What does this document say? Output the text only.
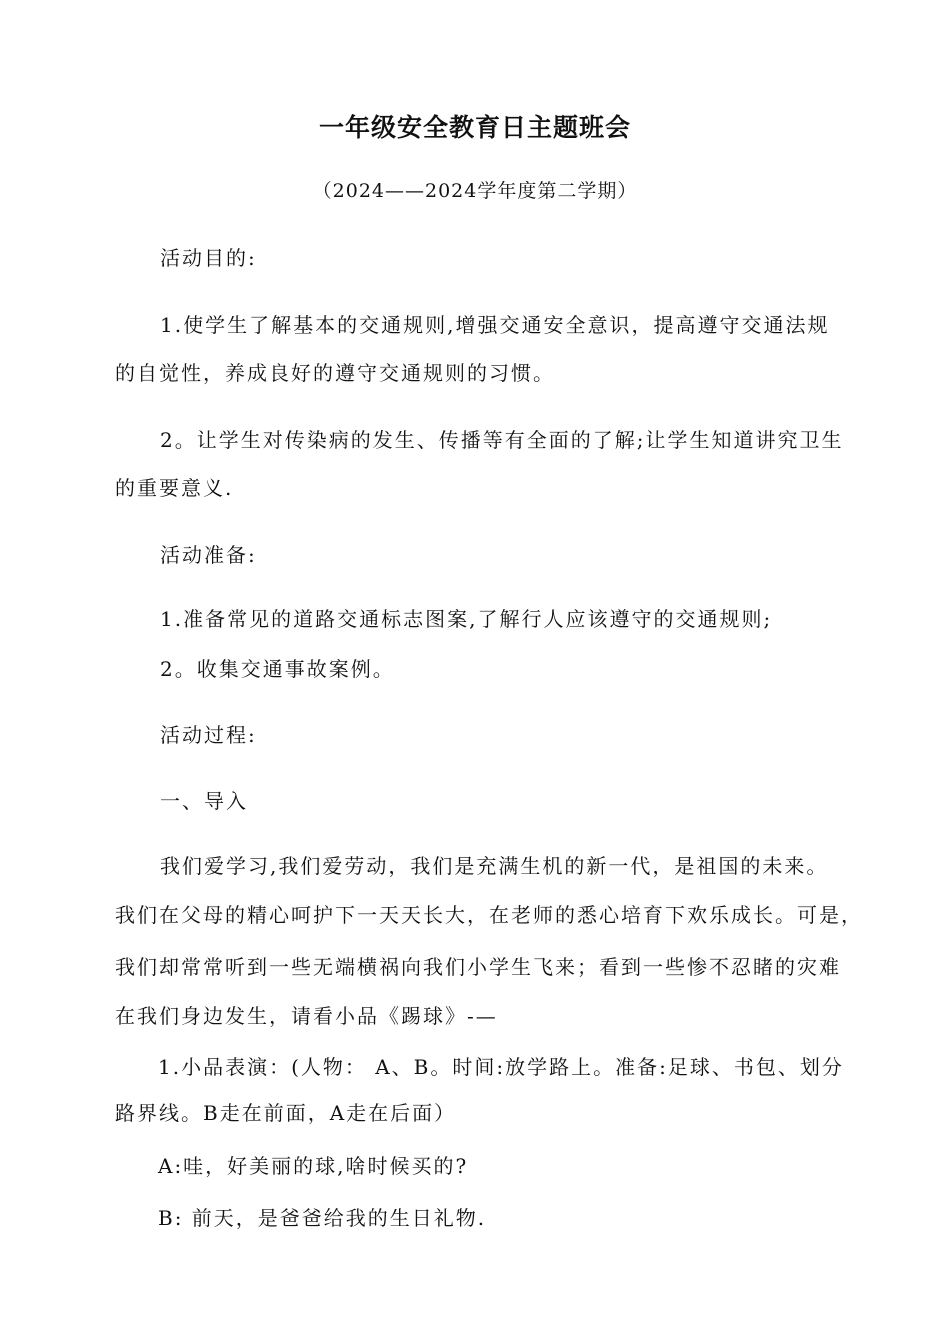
一年级安全教育日主题班会

（2024——2024学年度第二学期）

活动目的:

1.使学生了解基本的交通规则,增强交通安全意识，提高遵守交通法规

的自觉性，养成良好的遵守交通规则的习惯。

2。让学生对传染病的发生、传播等有全面的了解;让学生知道讲究卫生

的重要意义.

活动准备:

1.准备常见的道路交通标志图案,了解行人应该遵守的交通规则;

2。收集交通事故案例。

活动过程:

一、导入

我们爱学习,我们爱劳动，我们是充满生机的新一代，是祖国的未来。

我们在父母的精心呵护下一天天长大，在老师的悉心培育下欢乐成长。可是，

我们却常常听到一些无端横祸向我们小学生飞来；看到一些惨不忍睹的灾难

在我们身边发生，请看小品《踢球》-—

1.小品表演：(人物： A、B。时间:放学路上。准备:足球、书包、划分

路界线。B走在前面，A走在后面）

A:哇，好美丽的球,啥时候买的?

B: 前天，是爸爸给我的生日礼物.
